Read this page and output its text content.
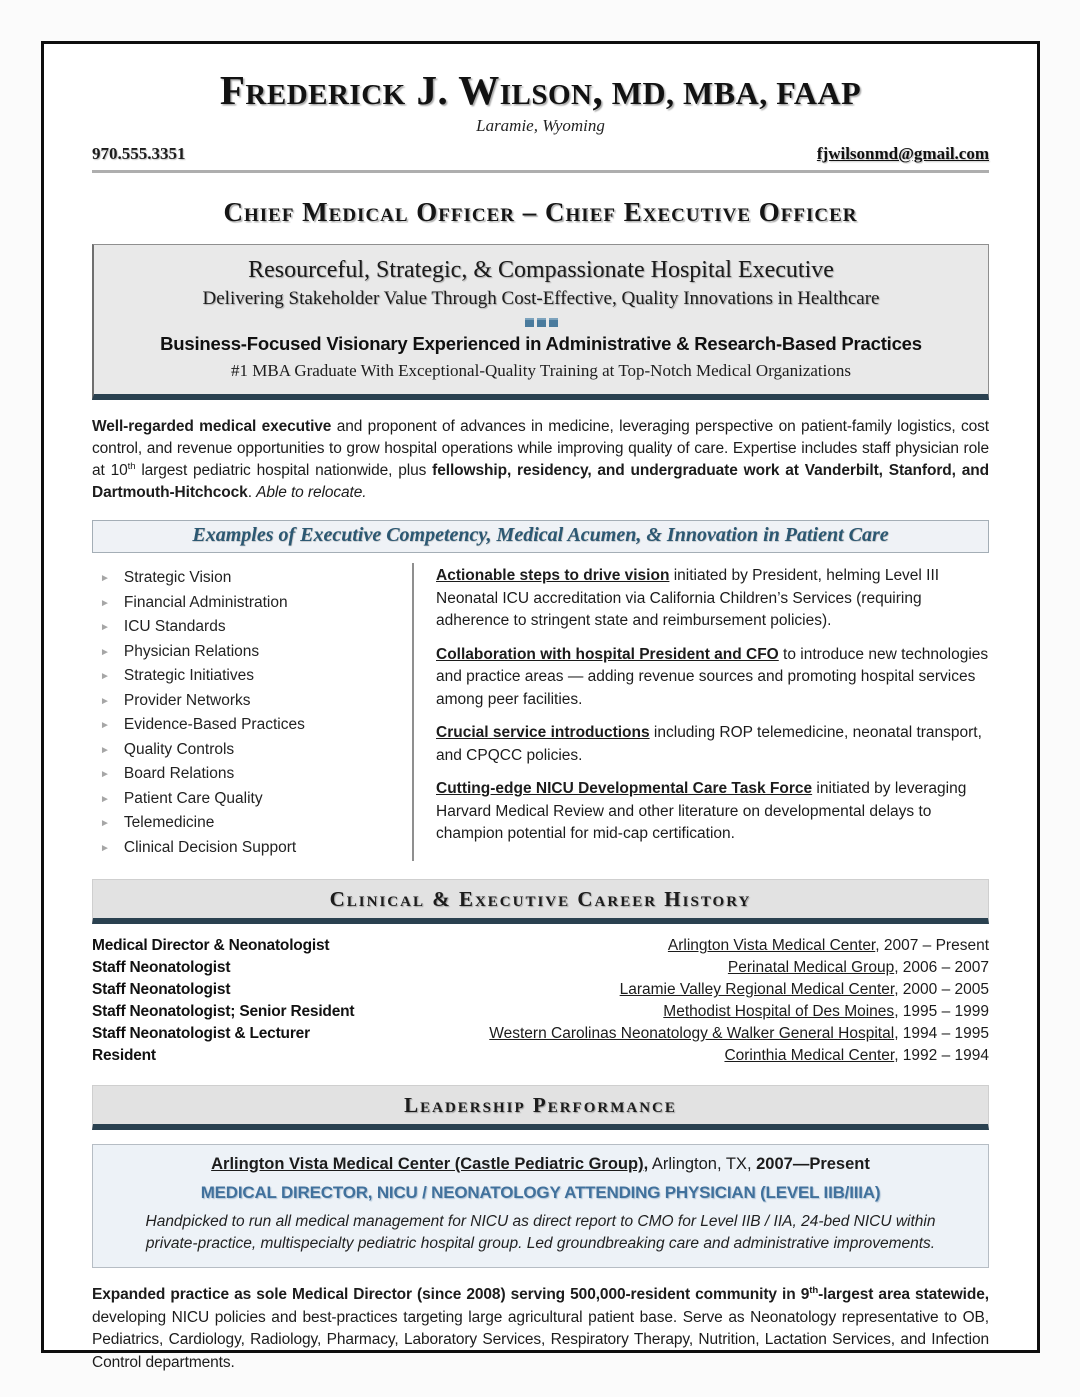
Frederick J. Wilson, MD, MBA, FAAP
Laramie, Wyoming
970.555.3351	fjwilsonmd@gmail.com
Chief Medical Officer – Chief Executive Officer
Resourceful, Strategic, & Compassionate Hospital Executive
Delivering Stakeholder Value Through Cost-Effective, Quality Innovations in Healthcare
Business-Focused Visionary Experienced in Administrative & Research-Based Practices
#1 MBA Graduate With Exceptional-Quality Training at Top-Notch Medical Organizations

Well-regarded medical executive and proponent of advances in medicine, leveraging perspective on patient-family logistics, cost control, and revenue opportunities to grow hospital operations while improving quality of care. Expertise includes staff physician role at 10th largest pediatric hospital nationwide, plus fellowship, residency, and undergraduate work at Vanderbilt, Stanford, and Dartmouth-Hitchcock. Able to relocate.

Examples of Executive Competency, Medical Acumen, & Innovation in Patient Care
► Strategic Vision
► Financial Administration
► ICU Standards
► Physician Relations
► Strategic Initiatives
► Provider Networks
► Evidence-Based Practices
► Quality Controls
► Board Relations
► Patient Care Quality
► Telemedicine
► Clinical Decision Support

Actionable steps to drive vision initiated by President, helming Level III Neonatal ICU accreditation via California Children’s Services (requiring adherence to stringent state and reimbursement policies).

Collaboration with hospital President and CFO to introduce new technologies and practice areas — adding revenue sources and promoting hospital services among peer facilities.

Crucial service introductions including ROP telemedicine, neonatal transport, and CPQCC policies.

Cutting-edge NICU Developmental Care Task Force initiated by leveraging Harvard Medical Review and other literature on developmental delays to champion potential for mid-cap certification.

Clinical & Executive Career History
Medical Director & Neonatologist	Arlington Vista Medical Center, 2007 – Present
Staff Neonatologist	Perinatal Medical Group, 2006 – 2007
Staff Neonatologist	Laramie Valley Regional Medical Center, 2000 – 2005
Staff Neonatologist; Senior Resident	Methodist Hospital of Des Moines, 1995 – 1999
Staff Neonatologist & Lecturer	Western Carolinas Neonatology & Walker General Hospital, 1994 – 1995
Resident	Corinthia Medical Center, 1992 – 1994
Leadership Performance
Arlington Vista Medical Center (Castle Pediatric Group), Arlington, TX, 2007—Present
MEDICAL DIRECTOR, NICU / NEONATOLOGY ATTENDING PHYSICIAN (LEVEL IIB/IIIA)
Handpicked to run all medical management for NICU as direct report to CMO for Level IIB / IIA, 24-bed NICU within private-practice, multispecialty pediatric hospital group. Led groundbreaking care and administrative improvements.

Expanded practice as sole Medical Director (since 2008) serving 500,000-resident community in 9th-largest area statewide, developing NICU policies and best-practices targeting large agricultural patient base. Serve as Neonatology representative to OB, Pediatrics, Cardiology, Radiology, Pharmacy, Laboratory Services, Respiratory Therapy, Nutrition, Lactation Services, and Infection Control departments.
